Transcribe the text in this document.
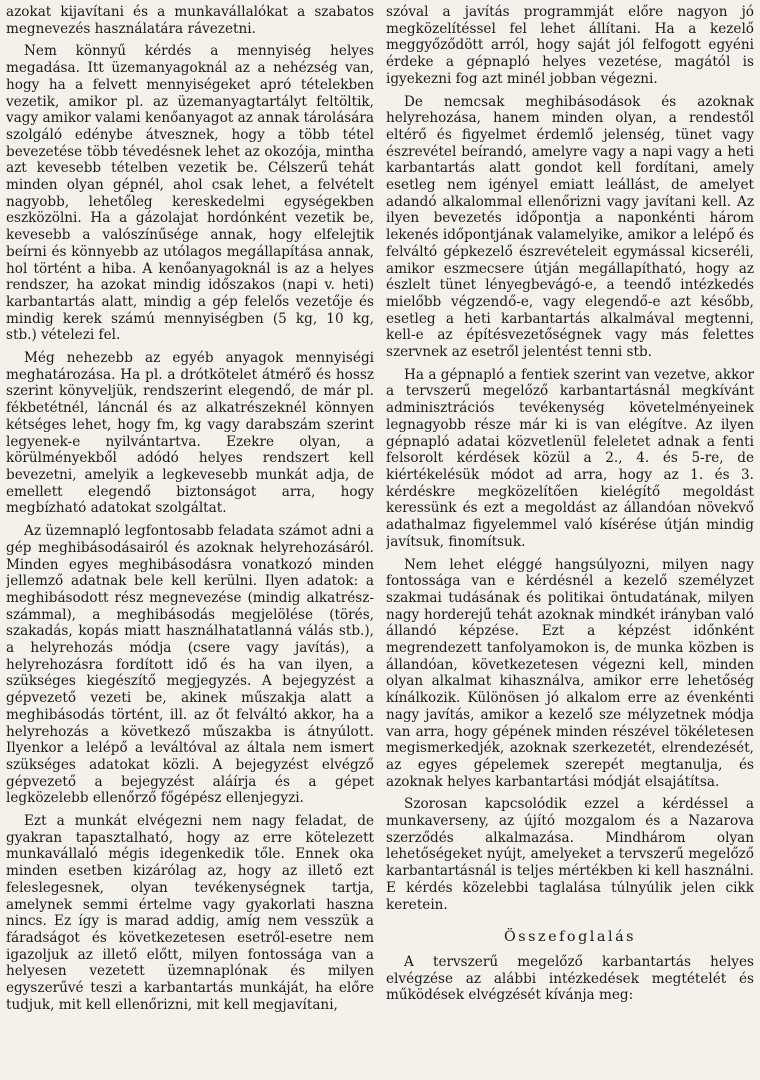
azokat kijavítani és a munkavállalókat a szabatos megnevezés használatára rávezetni.

Nem könnyű kérdés a mennyiség helyes megadása. Itt üzemanyagoknál az a nehézség van, hogy ha a felvett mennyiségeket apró tételekben vezetik, amikor pl. az üzemanyagtartályt feltöltik, vagy amikor valami kenőanyagot az annak tárolására szolgáló edénybe átvesznek, hogy a több tétel bevezetése több tévedésnek lehet az okozója, mintha azt kevesebb tételben vezetik be. Célszerű tehát minden olyan gépnél, ahol csak lehet, a felvételt nagyobb, lehetőleg kereskedelmi egységekben eszközölni. Ha a gázolajat hordónként vezetik be, kevesebb a valószínűsége annak, hogy elfelejtik beírni és könnyebb az utólagos megállapítása annak, hol történt a hiba. A kenőanyagoknál is az a helyes rendszer, ha azokat mindig időszakos (napi v. heti) karbantartás alatt, mindig a gép felelős vezetője és mindig kerek számú mennyiségben (5 kg, 10 kg, stb.) vételezi fel.

Még nehezebb az egyéb anyagok mennyiségi meghatározása. Ha pl. a drótkötelet átmérő és hossz szerint könyveljük, rendszerint elegendő, de már pl. fékbetétnél, láncnál és az alkatrészeknél könnyen kétséges lehet, hogy fm, kg vagy darabszám szerint legyenek-e nyilvántartva. Ezekre olyan, a körülményekből adódó helyes rendszert kell bevezetni, amelyik a legkevesebb munkát adja, de emellett elegendő biztonságot arra, hogy megbízható adatokat szolgáltat.

Az üzemnapló legfontosabb feladata számot adni a gép meghibásodásairól és azoknak helyrehozásáról. Minden egyes meghibásodásra vonatkozó minden jellemző adatnak bele kell kerülni. Ilyen adatok: a meghibásodott rész megnevezése (mindig alkatrész-számmal), a meghibásodás megjelölése (törés, szakadás, kopás miatt használhatatlanná válás stb.), a helyrehozás módja (csere vagy javítás), a helyrehozásra fordított idő és ha van ilyen, a szükséges kiegészítő megjegyzés. A bejegyzést a gépvezető vezeti be, akinek műszakja alatt a meghibásodás történt, ill. az őt felváltó akkor, ha a helyrehozás a következő műszakba is átnyúlott. Ilyenkor a lelépő a leváltóval az általa nem ismert szükséges adatokat közli. A bejegyzést elvégző gépvezető a bejegyzést aláírja és a gépet legközelebb ellenőrző főgépész ellenjegyzi.

Ezt a munkát elvégezni nem nagy feladat, de gyakran tapasztalható, hogy az erre kötelezett munkavállaló mégis idegenkedik tőle. Ennek oka minden esetben kizárólag az, hogy az illető ezt feleslegesnek, olyan tevékenységnek tartja, amelynek semmi értelme vagy gyakorlati haszna nincs. Ez így is marad addig, amíg nem vesszük a fáradságot és következetesen esetről-esetre nem igazoljuk az illető előtt, milyen fontossága van a helyesen vezetett üzemnaplónak és milyen egyszerűvé teszi a karbantartás munkáját, ha előre tudjuk, mit kell ellenőrizni, mit kell megjavítani,

szóval a javítás programmját előre nagyon jó megközelítéssel fel lehet állítani. Ha a kezelő meggyőződött arról, hogy saját jól felfogott egyéni érdeke a gépnapló helyes vezetése, magától is igyekezni fog azt minél jobban végezni.

De nemcsak meghibásodások és azoknak helyrehozása, hanem minden olyan, a rendestől eltérő és figyelmet érdemlő jelenség, tünet vagy észrevétel beírandó, amelyre vagy a napi vagy a heti karbantartás alatt gondot kell fordítani, amely esetleg nem igényel emiatt leállást, de amelyet adandó alkalommal ellenőrizni vagy javítani kell. Az ilyen bevezetés időpontja a naponkénti három lekenés időpontjának valamelyike, amikor a lelépő és felváltó gépkezelő észrevételeit egymással kicseréli, amikor eszmecsere útján megállapítható, hogy az észlelt tünet lényegbevágó-e, a teendő intézkedés mielőbb végzendő-e, vagy elegendő-e azt később, esetleg a heti karbantartás alkalmával megtenni, kell-e az építésvezetőségnek vagy más felettes szervnek az esetről jelentést tenni stb.

Ha a gépnapló a fentiek szerint van vezetve, akkor a tervszerű megelőző karbantartásnál megkívánt adminisztrációs tevékenység követelményeinek legnagyobb része már ki is van elégítve. Az ilyen gépnapló adatai közvetlenül feleletet adnak a fenti felsorolt kérdések közül a 2., 4. és 5-re, de kiértékelésük módot ad arra, hogy az 1. és 3. kérdéskre megközelítően kielégítő megoldást keressünk és ezt a megoldást az állandóan növekvő adathalmaz figyelemmel való kísérése útján mindig javítsuk, finomítsuk.

Nem lehet eléggé hangsúlyozni, milyen nagy fontossága van e kérdésnél a kezelő személyzet szakmai tudásának és politikai öntudatának, milyen nagy horderejű tehát azoknak mindkét irányban való állandó képzése. Ezt a képzést időnként megrendezett tanfolyamokon is, de munka közben is állandóan, következetesen végezni kell, minden olyan alkalmat kihasználva, amikor erre lehetőség kínálkozik. Különösen jó alkalom erre az évenkénti nagy javítás, amikor a kezelő sze mélyzetnek módja van arra, hogy gépének minden részével tökéletesen megismerkedjék, azoknak szerkezetét, elrendezését, az egyes gépelemek szerepét megtanulja, és azoknak helyes karbantartási módját elsajátítsa.

Szorosan kapcsolódik ezzel a kérdéssel a munkaverseny, az újító mozgalom és a Nazarova szerződés alkalmazása. Mindhárom olyan lehetőségeket nyújt, amelyeket a tervszerű megelőző karbantartásnál is teljes mértékben ki kell használni. E kérdés közelebbi taglalása túlnyúlik jelen cikk keretein.

Összefoglalás

A tervszerű megelőző karbantartás helyes elvégzése az alábbi intézkedések megtételét és működések elvégzését kívánja meg:
